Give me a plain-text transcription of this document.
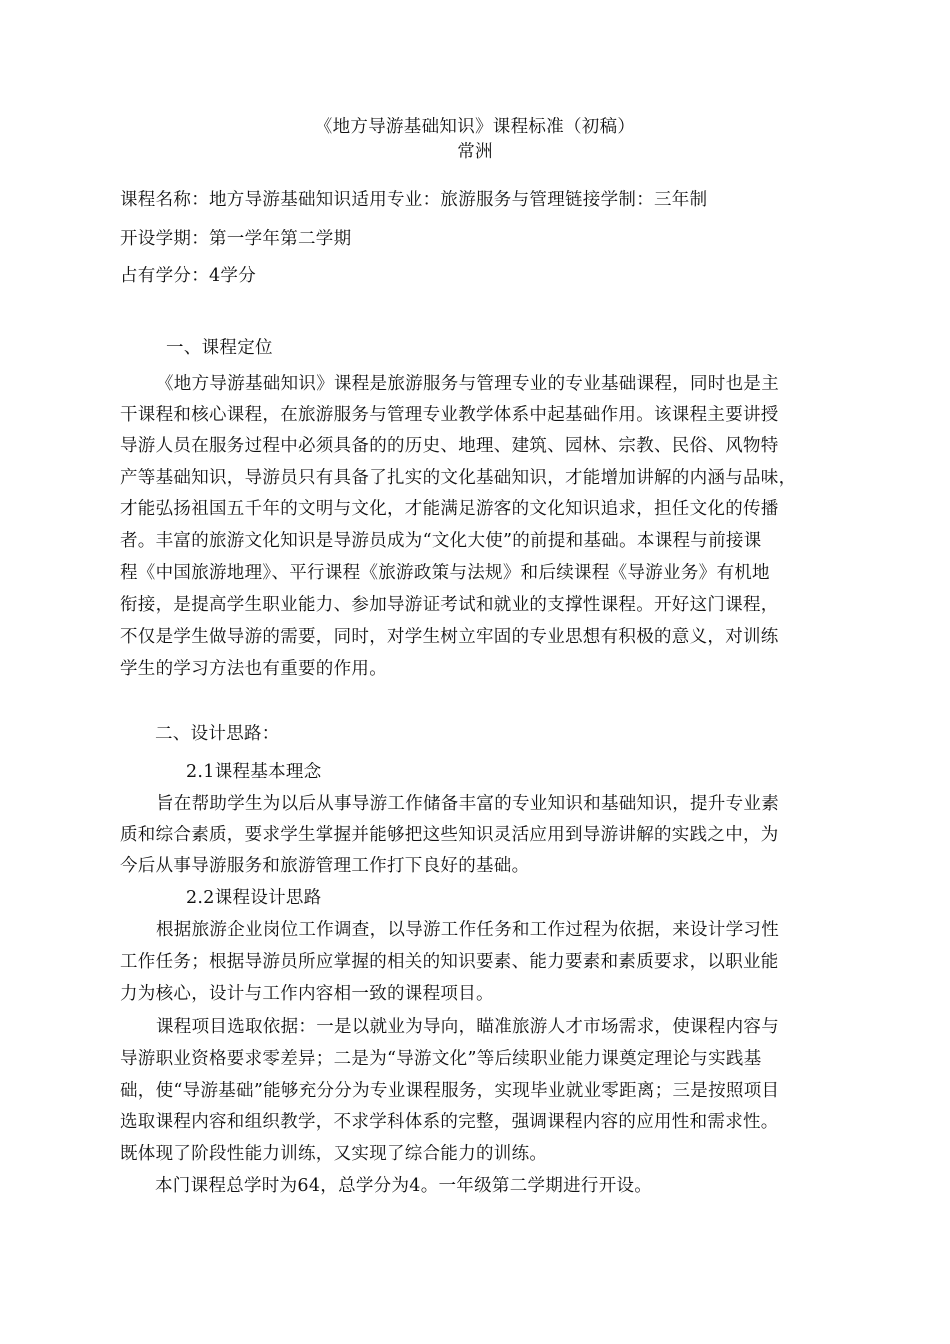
《地方导游基础知识》课程标准（初稿）
常洲
课程名称：地方导游基础知识适用专业：旅游服务与管理链接学制：三年制
开设学期：第一学年第二学期
占有学分：4学分
一、课程定位
《地方导游基础知识》课程是旅游服务与管理专业的专业基础课程，同时也是主
干课程和核心课程，在旅游服务与管理专业教学体系中起基础作用。该课程主要讲授
导游人员在服务过程中必须具备的的历史、地理、建筑、园林、宗教、民俗、风物特
产等基础知识，导游员只有具备了扎实的文化基础知识，才能增加讲解的内涵与品味，
才能弘扬祖国五千年的文明与文化，才能满足游客的文化知识追求，担任文化的传播
者。丰富的旅游文化知识是导游员成为“文化大使”的前提和基础。本课程与前接课
程《中国旅游地理》、平行课程《旅游政策与法规》和后续课程《导游业务》有机地
衔接，是提高学生职业能力、参加导游证考试和就业的支撑性课程。开好这门课程，
不仅是学生做导游的需要，同时，对学生树立牢固的专业思想有积极的意义，对训练
学生的学习方法也有重要的作用。
二、设计思路：
2.1课程基本理念
旨在帮助学生为以后从事导游工作储备丰富的专业知识和基础知识，提升专业素
质和综合素质，要求学生掌握并能够把这些知识灵活应用到导游讲解的实践之中，为
今后从事导游服务和旅游管理工作打下良好的基础。
2.2课程设计思路
根据旅游企业岗位工作调查，以导游工作任务和工作过程为依据，来设计学习性
工作任务；根据导游员所应掌握的相关的知识要素、能力要素和素质要求，以职业能
力为核心，设计与工作内容相一致的课程项目。
课程项目选取依据：一是以就业为导向，瞄准旅游人才市场需求，使课程内容与
导游职业资格要求零差异；二是为“导游文化”等后续职业能力课奠定理论与实践基
础，使“导游基础”能够充分分为专业课程服务，实现毕业就业零距离；三是按照项目
选取课程内容和组织教学，不求学科体系的完整，强调课程内容的应用性和需求性。
既体现了阶段性能力训练，又实现了综合能力的训练。
本门课程总学时为64，总学分为4。一年级第二学期进行开设。
